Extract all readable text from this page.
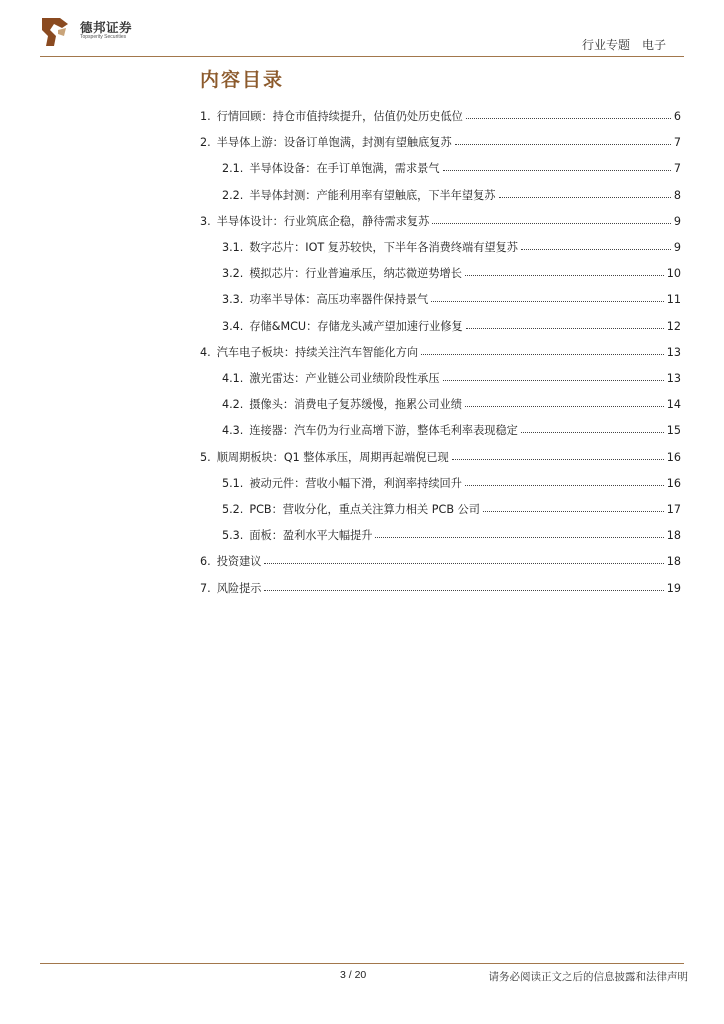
德邦证券
Topsperity Securities
行业专题 电子
内容目录
1. 行情回顾：持仓市值持续提升，估值仍处历史低位	6
2. 半导体上游：设备订单饱满，封测有望触底复苏	7
2.1. 半导体设备：在手订单饱满，需求景气	7
2.2. 半导体封测：产能利用率有望触底，下半年望复苏	8
3. 半导体设计：行业筑底企稳，静待需求复苏	9
3.1. 数字芯片：IOT 复苏较快，下半年各消费终端有望复苏	9
3.2. 模拟芯片：行业普遍承压，纳芯微逆势增长	10
3.3. 功率半导体：高压功率器件保持景气	11
3.4. 存储&MCU：存储龙头减产望加速行业修复	12
4. 汽车电子板块：持续关注汽车智能化方向	13
4.1. 激光雷达：产业链公司业绩阶段性承压	13
4.2. 摄像头：消费电子复苏缓慢，拖累公司业绩	14
4.3. 连接器：汽车仍为行业高增下游，整体毛利率表现稳定	15
5. 顺周期板块：Q1 整体承压，周期再起端倪已现	16
5.1. 被动元件：营收小幅下滑，利润率持续回升	16
5.2. PCB：营收分化，重点关注算力相关 PCB 公司	17
5.3. 面板：盈利水平大幅提升	18
6. 投资建议	18
7. 风险提示	19
3 / 20	请务必阅读正文之后的信息披露和法律声明
